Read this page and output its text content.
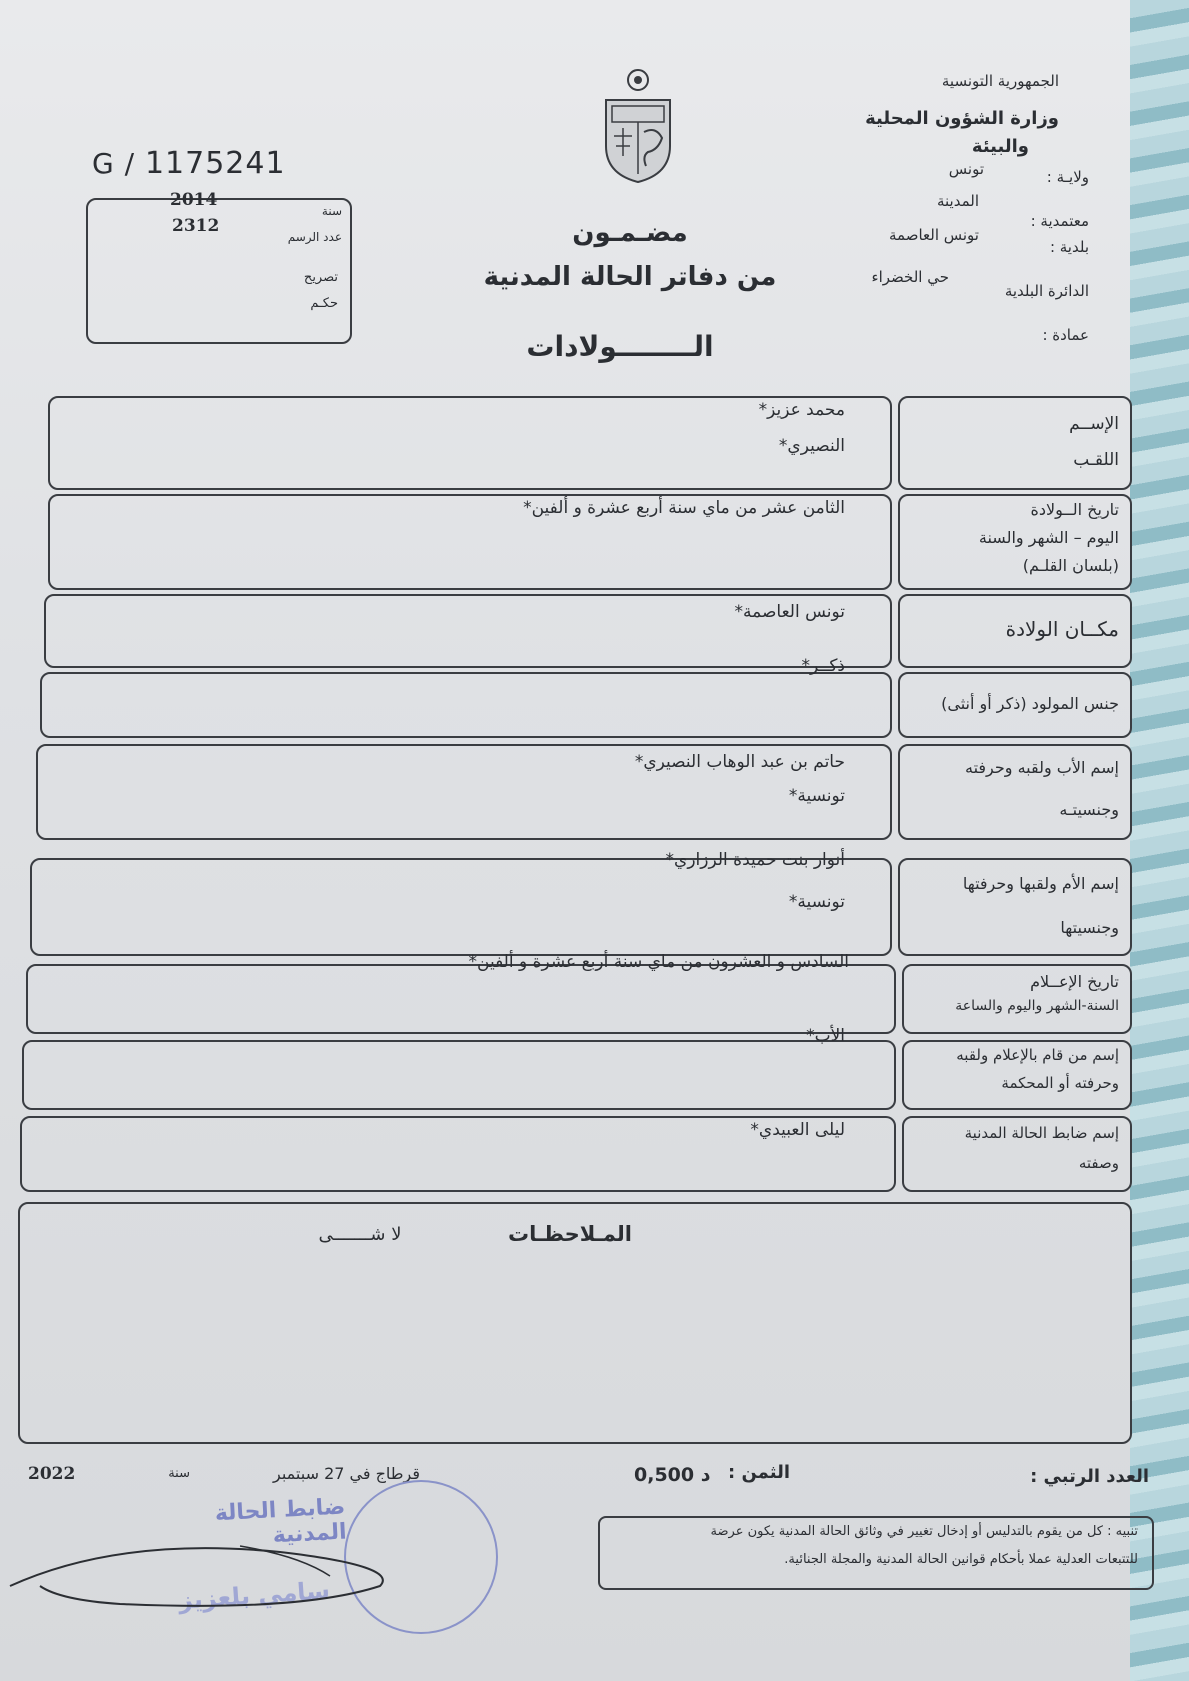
الجمهورية التونسية
وزارة الشؤون المحلية
والبيئة
ولايـة :
تونس
معتمدية :
المدينة
بلدية :
تونس العاصمة
الدائرة البلدية
حي الخضراء
عمادة :
G / 1175241
2014
سنة
2312
عدد الرسم
تصريح
حكـم
مضـمـون
من دفاتر الحالة المدنية
الــــــــولادات
الإســم
اللقـب
محمد عزيز*
النصيري*
تاريخ الــولادة
اليوم – الشهر والسنة
(بلسان القلـم)
الثامن عشر من ماي سنة أربع عشرة و ألفين*
مكــان الولادة
تونس العاصمة*
جنس المولود (ذكر أو أنثى)
ذكــر*
إسم الأب ولقبه وحرفته
وجنسيتـه
حاتم بن عبد الوهاب النصيري*
تونسية*
إسم الأم ولقبها وحرفتها
وجنسيتها
أنوار بنت حميدة الرزاري*
تونسية*
تاريخ الإعــلام
السنة-الشهر واليوم والساعة
السادس و العشرون من ماي سنة أربع عشرة و ألفين*
إسم من قام بالإعلام ولقبه
وحرفته أو المحكمة
الأب*
إسم ضابط الحالة المدنية
وصفته
ليلى العبيدي*
المـلاحظـات
لا شـــــــى
العدد الرتبي :
الثمن :
0,500 د
قرطاج في 27 سبتمبر
سنة
2022
تنبيه : كل من يقوم بالتدليس أو إدخال تغيير في وثائق الحالة المدنية يكون عرضة
للتتبعات العدلية عملا بأحكام قوانين الحالة المدنية والمجلة الجنائية.
ضابط الحالة المدنية
سامي بلعزيز
